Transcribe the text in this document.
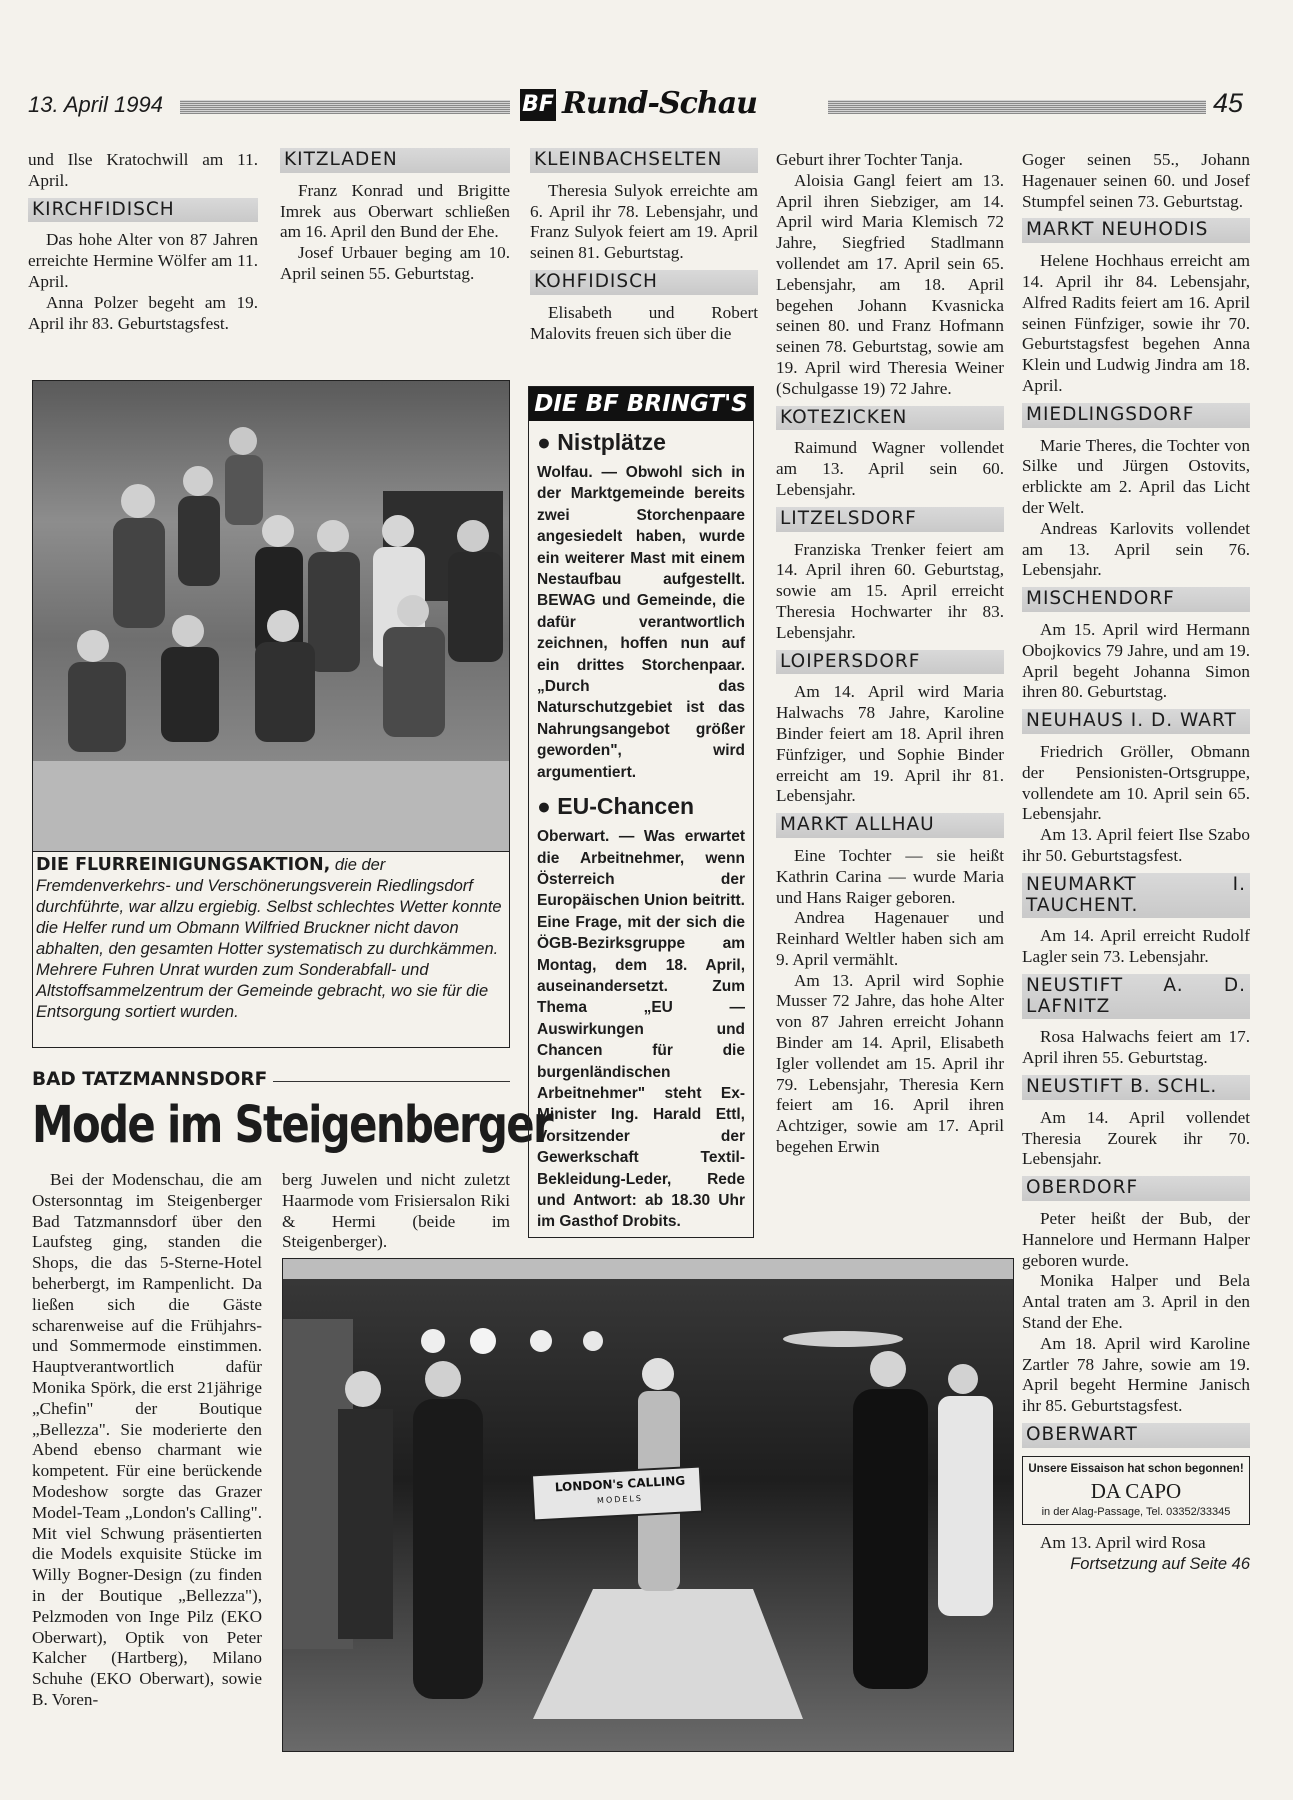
13. April 1994	BF Rund-Schau	45

und Ilse Kratochwill am 11. April.

KIRCHFIDISCH

Das hohe Alter von 87 Jahren erreichte Hermine Wölfer am 11. April.

Anna Polzer begeht am 19. April ihr 83. Geburtstagsfest.

KITZLADEN

Franz Konrad und Brigitte Imrek aus Oberwart schließen am 16. April den Bund der Ehe.

Josef Urbauer beging am 10. April seinen 55. Geburtstag.

KLEINBACHSELTEN

Theresia Sulyok erreichte am 6. April ihr 78. Lebensjahr, und Franz Sulyok feiert am 19. April seinen 81. Geburtstag.

KOHFIDISCH

Elisabeth und Robert Malovits freuen sich über die

DIE FLURREINIGUNGSAKTION, die der Fremdenverkehrs- und Verschönerungsverein Riedlingsdorf durchführte, war allzu ergiebig. Selbst schlechtes Wetter konnte die Helfer rund um Obmann Wilfried Bruckner nicht davon abhalten, den gesamten Hotter systematisch zu durchkämmen. Mehrere Fuhren Unrat wurden zum Sonderabfall- und Altstoffsammelzentrum der Gemeinde gebracht, wo sie für die Entsorgung sortiert wurden.
BAD TATZMANNSDORF
Mode im Steigenberger

Bei der Modenschau, die am Ostersonntag im Steigenberger Bad Tatzmannsdorf über den Laufsteg ging, standen die Shops, die das 5-Sterne-Hotel beherbergt, im Rampenlicht. Da ließen sich die Gäste scharenweise auf die Frühjahrs- und Sommermode einstimmen. Hauptverantwortlich dafür Monika Spörk, die erst 21jährige „Chefin" der Boutique „Bellezza". Sie moderierte den Abend ebenso charmant wie kompetent. Für eine berückende Modeshow sorgte das Grazer Model-Team „London's Calling". Mit viel Schwung präsentierten die Models exquisite Stücke im Willy Bogner-Design (zu finden in der Boutique „Bellezza"), Pelzmoden von Inge Pilz (EKO Oberwart), Optik von Peter Kalcher (Hartberg), Milano Schuhe (EKO Oberwart), sowie B. Voren-

berg Juwelen und nicht zuletzt Haarmode vom Frisiersalon Riki & Hermi (beide im Steigenberger).

LONDON's CALLING
MODELS
DIE BF BRINGT'S
● Nistplätze

Wolfau. — Obwohl sich in der Marktgemeinde bereits zwei Storchenpaare angesiedelt haben, wurde ein weiterer Mast mit einem Nestaufbau aufgestellt. BEWAG und Gemeinde, die dafür verantwortlich zeichnen, hoffen nun auf ein drittes Storchenpaar. „Durch das Naturschutzgebiet ist das Nahrungsangebot größer geworden", wird argumentiert.

● EU-Chancen

Oberwart. — Was erwartet die Arbeitnehmer, wenn Österreich der Europäischen Union beitritt. Eine Frage, mit der sich die ÖGB-Bezirksgruppe am Montag, dem 18. April, auseinandersetzt. Zum Thema „EU — Auswirkungen und Chancen für die burgenländischen Arbeitnehmer" steht Ex-Minister Ing. Harald Ettl, Vorsitzender der Gewerkschaft Textil-Bekleidung-Leder, Rede und Antwort: ab 18.30 Uhr im Gasthof Drobits.

Geburt ihrer Tochter Tanja.

Aloisia Gangl feiert am 13. April ihren Siebziger, am 14. April wird Maria Klemisch 72 Jahre, Siegfried Stadlmann vollendet am 17. April sein 65. Lebensjahr, am 18. April begehen Johann Kvasnicka seinen 80. und Franz Hofmann seinen 78. Geburtstag, sowie am 19. April wird Theresia Weiner (Schulgasse 19) 72 Jahre.

KOTEZICKEN

Raimund Wagner vollendet am 13. April sein 60. Lebensjahr.

LITZELSDORF

Franziska Trenker feiert am 14. April ihren 60. Geburtstag, sowie am 15. April erreicht Theresia Hochwarter ihr 83. Lebensjahr.

LOIPERSDORF

Am 14. April wird Maria Halwachs 78 Jahre, Karoline Binder feiert am 18. April ihren Fünfziger, und Sophie Binder erreicht am 19. April ihr 81. Lebensjahr.

MARKT ALLHAU

Eine Tochter — sie heißt Kathrin Carina — wurde Maria und Hans Raiger geboren.

Andrea Hagenauer und Reinhard Weltler haben sich am 9. April vermählt.

Am 13. April wird Sophie Musser 72 Jahre, das hohe Alter von 87 Jahren erreicht Johann Binder am 14. April, Elisabeth Igler vollendet am 15. April ihr 79. Lebensjahr, Theresia Kern feiert am 16. April ihren Achtziger, sowie am 17. April begehen Erwin

Goger seinen 55., Johann Hagenauer seinen 60. und Josef Stumpfel seinen 73. Geburtstag.

MARKT NEUHODIS

Helene Hochhaus erreicht am 14. April ihr 84. Lebensjahr, Alfred Radits feiert am 16. April seinen Fünfziger, sowie ihr 70. Geburtstagsfest begehen Anna Klein und Ludwig Jindra am 18. April.

MIEDLINGSDORF

Marie Theres, die Tochter von Silke und Jürgen Ostovits, erblickte am 2. April das Licht der Welt.

Andreas Karlovits vollendet am 13. April sein 76. Lebensjahr.

MISCHENDORF

Am 15. April wird Hermann Obojkovics 79 Jahre, und am 19. April begeht Johanna Simon ihren 80. Geburtstag.

NEUHAUS I. D. WART

Friedrich Gröller, Obmann der Pensionisten-Ortsgruppe, vollendete am 10. April sein 65. Lebensjahr.

Am 13. April feiert Ilse Szabo ihr 50. Geburtstagsfest.

NEUMARKT I. TAUCHENT.

Am 14. April erreicht Rudolf Lagler sein 73. Lebensjahr.

NEUSTIFT A. D. LAFNITZ

Rosa Halwachs feiert am 17. April ihren 55. Geburtstag.

NEUSTIFT B. SCHL.

Am 14. April vollendet Theresia Zourek ihr 70. Lebensjahr.

OBERDORF

Peter heißt der Bub, der Hannelore und Hermann Halper geboren wurde.

Monika Halper und Bela Antal traten am 3. April in den Stand der Ehe.

Am 18. April wird Karoline Zartler 78 Jahre, sowie am 19. April begeht Hermine Janisch ihr 85. Geburtstagsfest.

OBERWART
Unsere Eissaison hat schon begonnen!
DA CAPO
in der Alag-Passage, Tel. 03352/33345

Am 13. April wird Rosa

Fortsetzung auf Seite 46
